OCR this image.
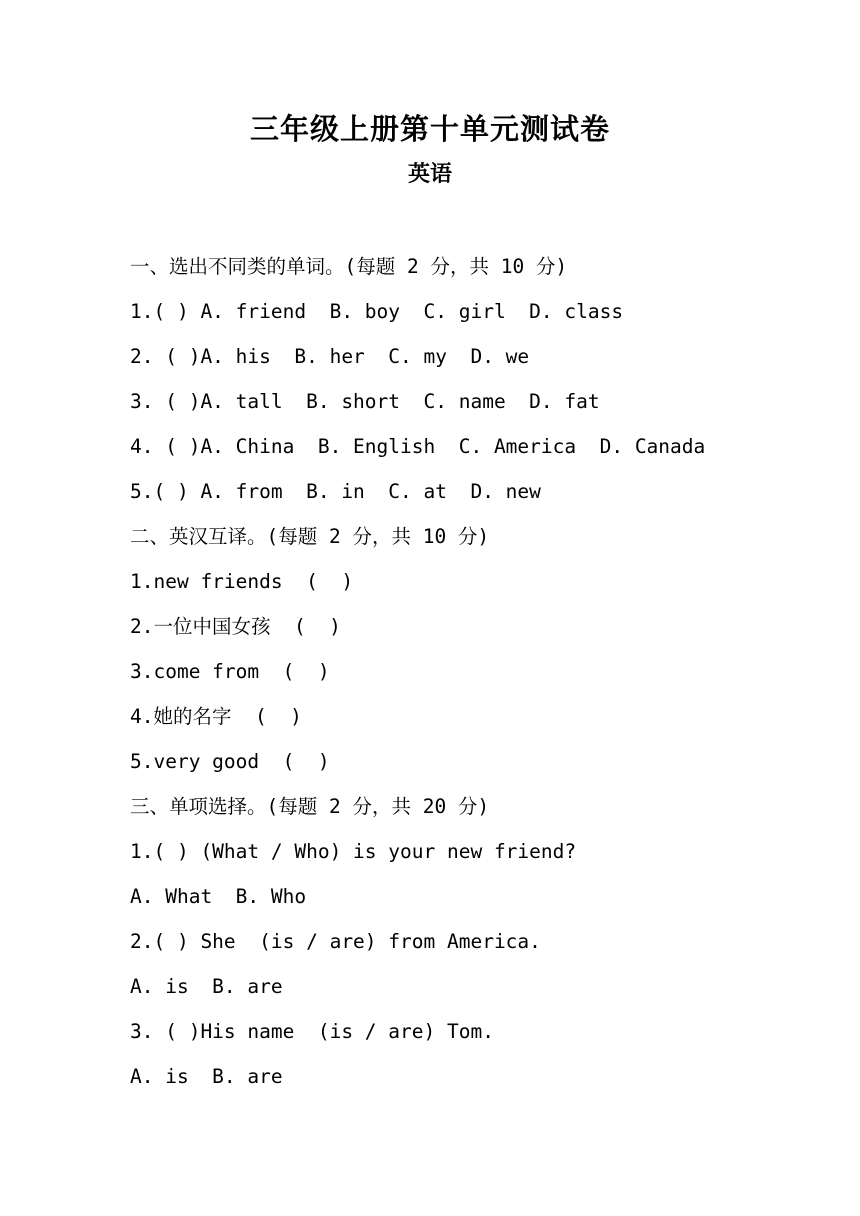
三年级上册第十单元测试卷
英语
一、选出不同类的单词。(每题 2 分，共 10 分)
1.( ) A. friend  B. boy  C. girl  D. class
2. ( )A. his  B. her  C. my  D. we
3. ( )A. tall  B. short  C. name  D. fat
4. ( )A. China  B. English  C. America  D. Canada
5.( ) A. from  B. in  C. at  D. new
二、英汉互译。(每题 2 分，共 10 分)
1.new friends  (  )
2.一位中国女孩  (  )
3.come from  (  )
4.她的名字  (  )
5.very good  (  )
三、单项选择。(每题 2 分，共 20 分)
1.( ) (What / Who) is your new friend?
A. What  B. Who
2.( ) She  (is / are) from America.
A. is  B. are
3. ( )His name  (is / are) Tom.
A. is  B. are
